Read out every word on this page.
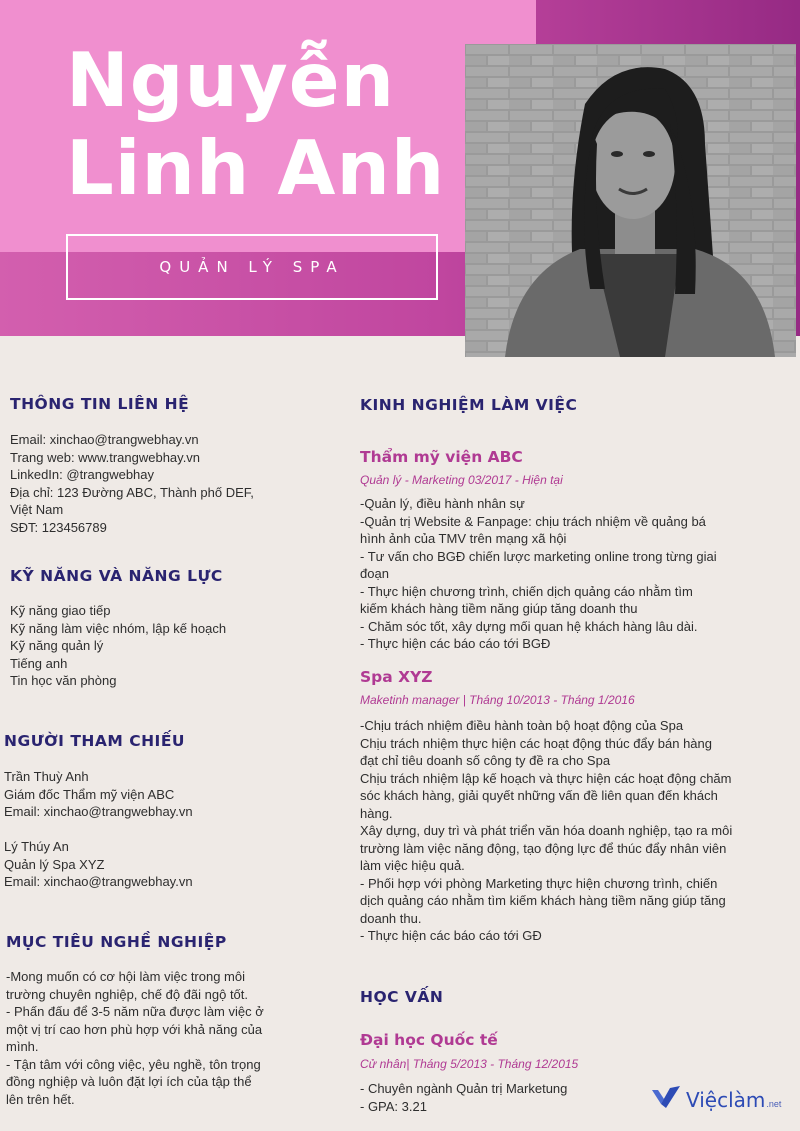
Nguyễn
Linh Anh
QUẢN LÝ SPA
THÔNG TIN LIÊN HỆ
Email: xinchao@trangwebhay.vn
Trang web: www.trangwebhay.vn
LinkedIn: @trangwebhay
Địa chỉ: 123 Đường ABC, Thành phố DEF,
Việt Nam
SĐT: 123456789
KỸ NĂNG VÀ NĂNG LỰC
Kỹ năng giao tiếp
Kỹ năng làm việc nhóm, lập kế hoạch
Kỹ năng quản lý
Tiếng anh
Tin học văn phòng
NGƯỜI THAM CHIẾU
Trần Thuỳ Anh
Giám đốc Thẩm mỹ viện ABC
Email: xinchao@trangwebhay.vn
Lý Thúy An
Quản lý Spa XYZ
Email: xinchao@trangwebhay.vn
MỤC TIÊU NGHỀ NGHIỆP
-Mong muốn có cơ hội làm việc trong môi
trường chuyên nghiệp, chế độ đãi ngộ tốt.
- Phấn đấu để 3-5 năm nữa được làm việc ở
một vị trí cao hơn phù hợp với khả năng của
mình.
- Tận tâm với công việc, yêu nghề, tôn trọng
đồng nghiệp và luôn đặt lợi ích của tập thể
lên trên hết.
KINH NGHIỆM LÀM VIỆC
Thẩm mỹ viện ABC

Quản lý - Marketing 03/2017 - Hiện tại

-Quản lý, điều hành nhân sự
-Quản trị Website & Fanpage: chịu trách nhiệm về quảng bá
hình ảnh của TMV trên mạng xã hội
- Tư vấn cho BGĐ chiến lược marketing online trong từng giai
đoạn
- Thực hiện chương trình, chiến dịch quảng cáo nhằm tìm
kiếm khách hàng tiềm năng giúp tăng doanh thu
- Chăm sóc tốt, xây dựng mối quan hệ khách hàng lâu dài.
- Thực hiện các báo cáo tới BGĐ
Spa XYZ

Maketinh manager | Tháng 10/2013 - Tháng 1/2016

-Chịu trách nhiệm điều hành toàn bộ hoạt động của Spa
Chịu trách nhiệm thực hiện các hoạt động thúc đẩy bán hàng
đạt chỉ tiêu doanh số công ty đề ra cho Spa
Chịu trách nhiệm lập kế hoạch và thực hiện các hoạt động chăm
sóc khách hàng, giải quyết những vấn đề liên quan đến khách
hàng.
Xây dựng, duy trì và phát triển văn hóa doanh nghiệp, tạo ra môi
trường làm việc năng động, tạo động lực để thúc đẩy nhân viên
làm việc hiệu quả.
- Phối hợp với phòng Marketing thực hiện chương trình, chiến
dịch quảng cáo nhằm tìm kiếm khách hàng tiềm năng giúp tăng
doanh thu.
- Thực hiện các báo cáo tới GĐ
HỌC VẤN
Đại học Quốc tế

Cử nhân| Tháng 5/2013 - Tháng 12/2015

- Chuyên ngành Quản trị Marketung
- GPA: 3.21	Việclàm .net
